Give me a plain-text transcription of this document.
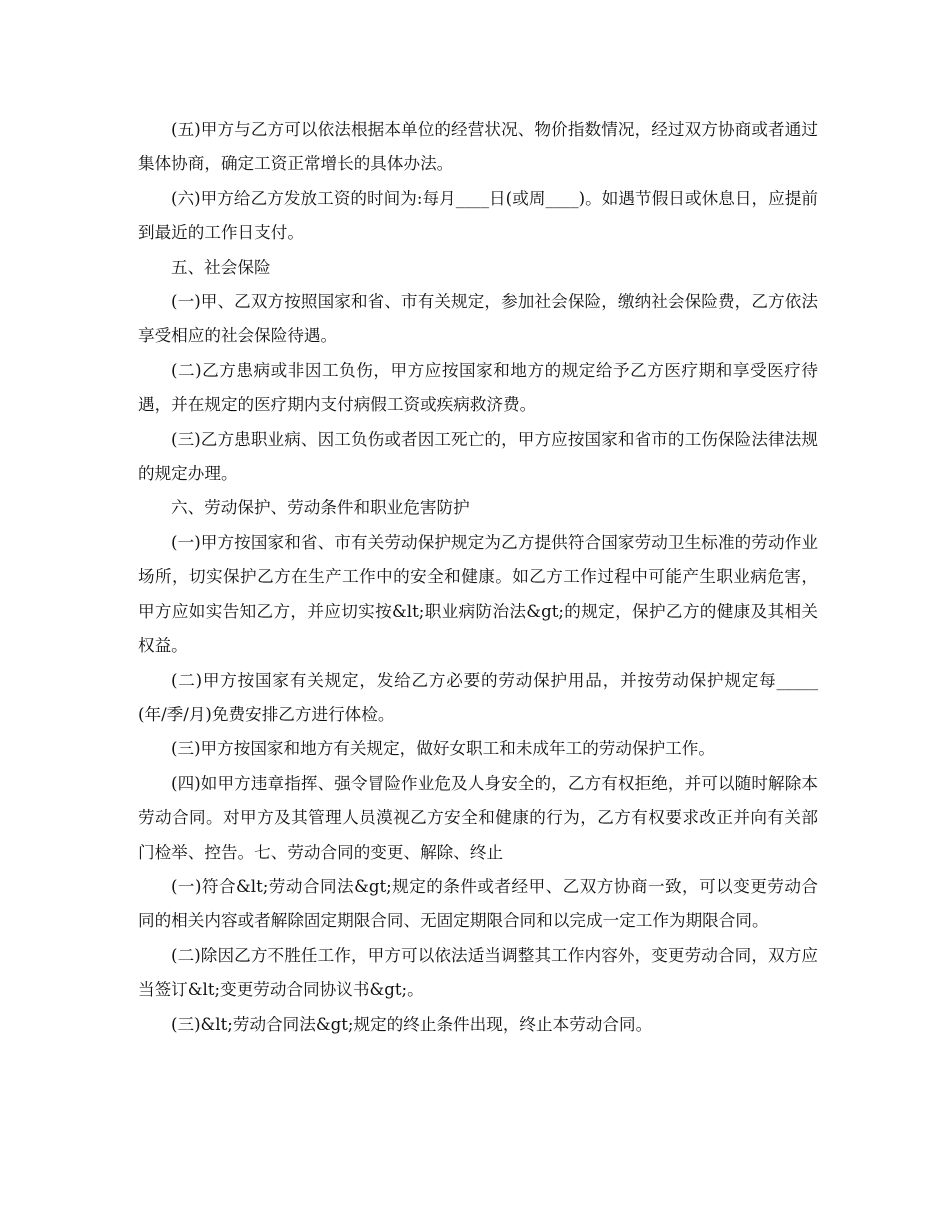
(五)甲方与乙方可以依法根据本单位的经营状况、物价指数情况，经过双方协商或者通过集体协商，确定工资正常增长的具体办法。

(六)甲方给乙方发放工资的时间为:每月____日(或周____)。如遇节假日或休息日，应提前到最近的工作日支付。

五、社会保险

(一)甲、乙双方按照国家和省、市有关规定，参加社会保险，缴纳社会保险费，乙方依法享受相应的社会保险待遇。

(二)乙方患病或非因工负伤，甲方应按国家和地方的规定给予乙方医疗期和享受医疗待遇，并在规定的医疗期内支付病假工资或疾病救济费。

(三)乙方患职业病、因工负伤或者因工死亡的，甲方应按国家和省市的工伤保险法律法规的规定办理。

六、劳动保护、劳动条件和职业危害防护

(一)甲方按国家和省、市有关劳动保护规定为乙方提供符合国家劳动卫生标准的劳动作业场所，切实保护乙方在生产工作中的安全和健康。如乙方工作过程中可能产生职业病危害，甲方应如实告知乙方，并应切实按&lt;职业病防治法&gt;的规定，保护乙方的健康及其相关权益。

(二)甲方按国家有关规定，发给乙方必要的劳动保护用品，并按劳动保护规定每_____(年/季/月)免费安排乙方进行体检。

(三)甲方按国家和地方有关规定，做好女职工和未成年工的劳动保护工作。

(四)如甲方违章指挥、强令冒险作业危及人身安全的，乙方有权拒绝，并可以随时解除本劳动合同。对甲方及其管理人员漠视乙方安全和健康的行为，乙方有权要求改正并向有关部门检举、控告。七、劳动合同的变更、解除、终止

(一)符合&lt;劳动合同法&gt;规定的条件或者经甲、乙双方协商一致，可以变更劳动合同的相关内容或者解除固定期限合同、无固定期限合同和以完成一定工作为期限合同。

(二)除因乙方不胜任工作，甲方可以依法适当调整其工作内容外，变更劳动合同，双方应当签订&lt;变更劳动合同协议书&gt;。

(三)&lt;劳动合同法&gt;规定的终止条件出现，终止本劳动合同。
